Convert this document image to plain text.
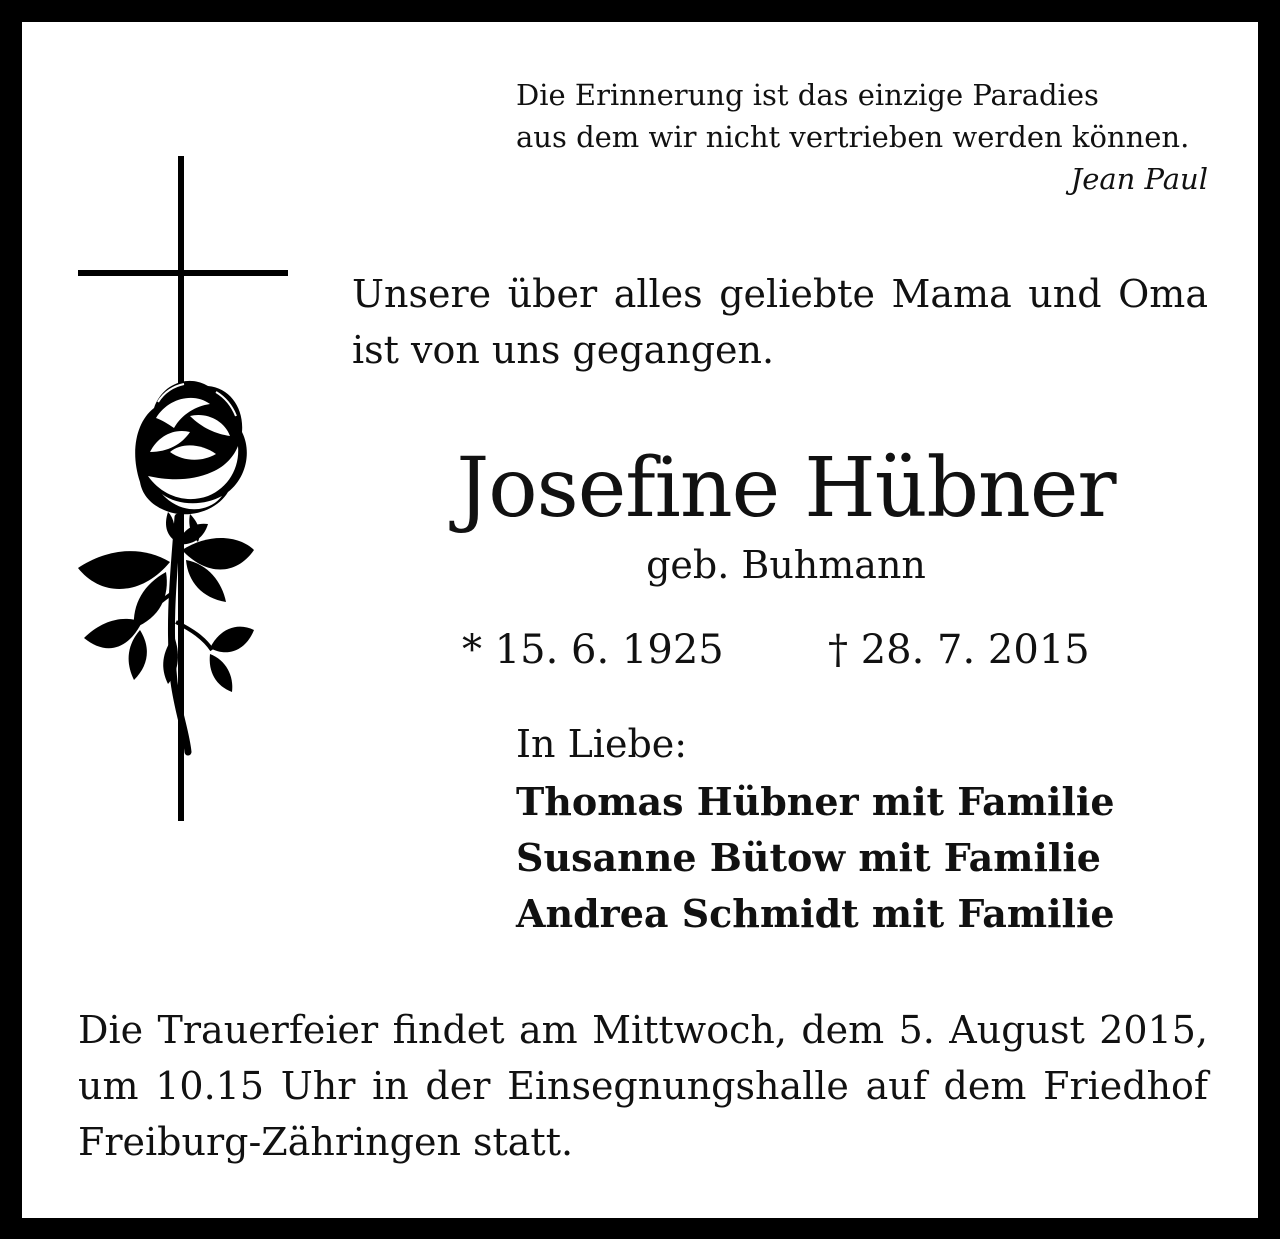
Die Erinnerung ist das einzige Paradies
aus dem wir nicht vertrieben werden können.
Jean Paul
Unsere über alles geliebte Mama und Oma
ist von uns gegangen.
Josefine Hübner
geb. Buhmann
* 15. 6. 1925	† 28. 7. 2015
In Liebe:
Thomas Hübner mit Familie
Susanne Bütow mit Familie
Andrea Schmidt mit Familie
Die Trauerfeier findet am Mittwoch, dem 5. August 2015,
um 10.15 Uhr in der Einsegnungshalle auf dem Friedhof
Freiburg-Zähringen statt.
